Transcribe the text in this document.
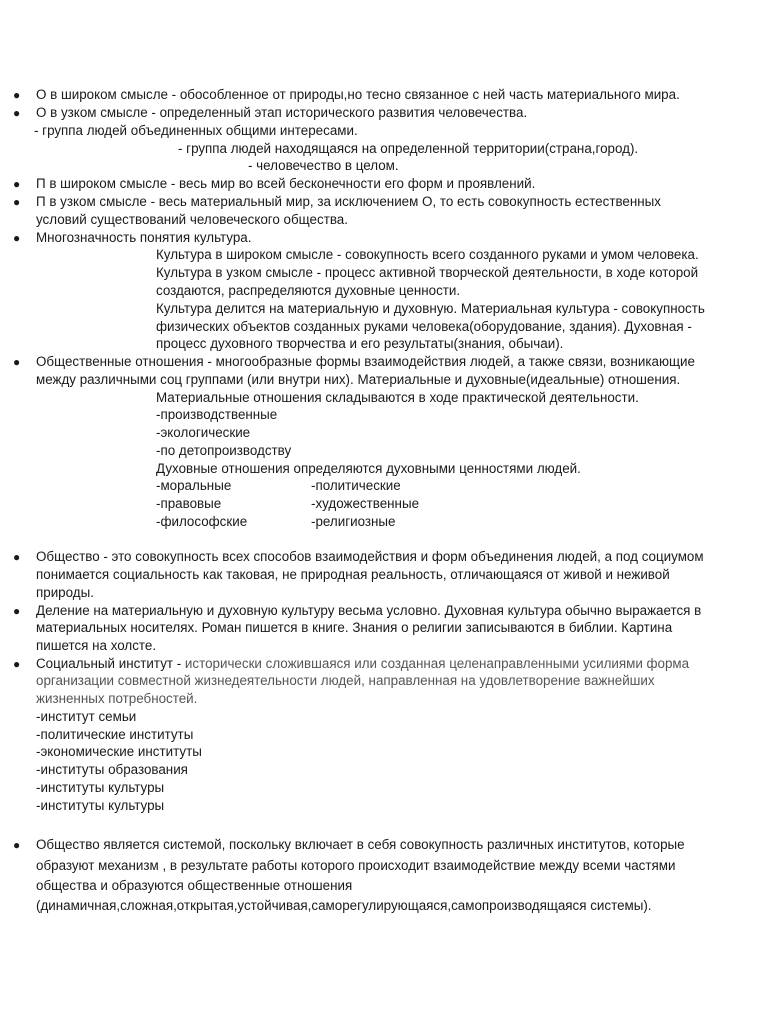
● О в широком смысле - обособленное от природы,но тесно связанное с ней часть материального мира.
● О в узком смысле - определенный этап исторического развития человечества.
- группа людей объединенных общими интересами.
- группа людей находящаяся на определенной территории(страна,город).
- человечество в целом.
● П в широком смысле - весь мир во всей бесконечности его форм и проявлений.
● П в узком смысле - весь материальный мир, за исключением О, то есть совокупность естественных
условий существований человеческого общества.
● Многозначность понятия культура.
Культура в широком смысле - совокупность всего созданного руками и умом человека.
Культура в узком смысле - процесс активной творческой деятельности, в ходе которой
создаются, распределяются духовные ценности.
Культура делится на материальную и духовную. Материальная культура - совокупность
физических объектов созданных руками человека(оборудование, здания). Духовная -
процесс духовного творчества и его результаты(знания, обычаи).
● Общественные отношения - многообразные формы взаимодействия людей, а также связи, возникающие
между различными соц группами (или внутри них). Материальные и духовные(идеальные) отношения.
Материальные отношения складываются в ходе практической деятельности.
-производственные
-экологические
-по детопроизводству
Духовные отношения определяются духовными ценностями людей.
-моральные	-политические
-правовые	-художественные
-философские	-религиозные
● Общество - это совокупность всех способов взаимодействия и форм объединения людей, а под социумом
понимается социальность как таковая, не природная реальность, отличающаяся от живой и неживой
природы.
● Деление на материальную и духовную культуру весьма условно. Духовная культура обычно выражается в
материальных носителях. Роман пишется в книге. Знания о религии записываются в библии. Картина
пишется на холсте.
● Социальный институт - исторически сложившаяся или созданная целенаправленными усилиями форма
организации совместной жизнедеятельности людей, направленная на удовлетворение важнейших
жизненных потребностей.
-институт семьи
-политические институты
-экономические институты
-институты образования
-институты культуры
-институты культуры
● Общество является системой, поскольку включает в себя совокупность различных институтов, которые
образуют механизм , в результате работы которого происходит взаимодействие между всеми частями
общества и образуются общественные отношения
(динамичная,сложная,открытая,устойчивая,саморегулирующаяся,самопроизводящаяся системы).
